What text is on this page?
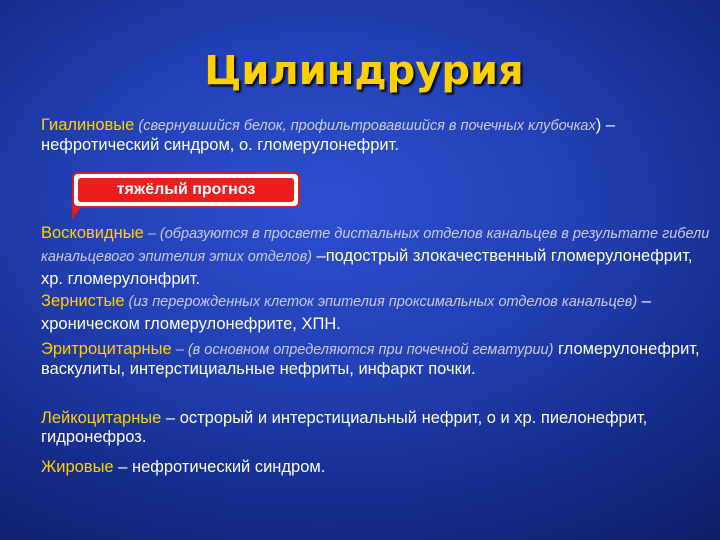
Цилиндрурия

Гиалиновые (свернувшийся белок, профильтровавшийся в почечных клубочках) – нефротический синдром, о. гломерулонефрит.

тяжёлый прогноз

Восковидные – (образуются в просвете дистальных отделов канальцев в результате гибели канальцевого эпителия этих отделов) –подострый злокачественный гломерулонефрит, хр. гломерулонфрит.

Зернистые (из перерожденных клеток эпителия проксимальных отделов канальцев) – хроническом гломерулонефрите, ХПН.

Эритроцитарные – (в основном определяются при почечной гематурии) гломерулонефрит, васкулиты, интерстициальные нефриты, инфаркт почки.

Лейкоцитарные – острорый и интерстициальный нефрит, о и хр. пиелонефрит, гидронефроз.

Жировые – нефротический синдром.
